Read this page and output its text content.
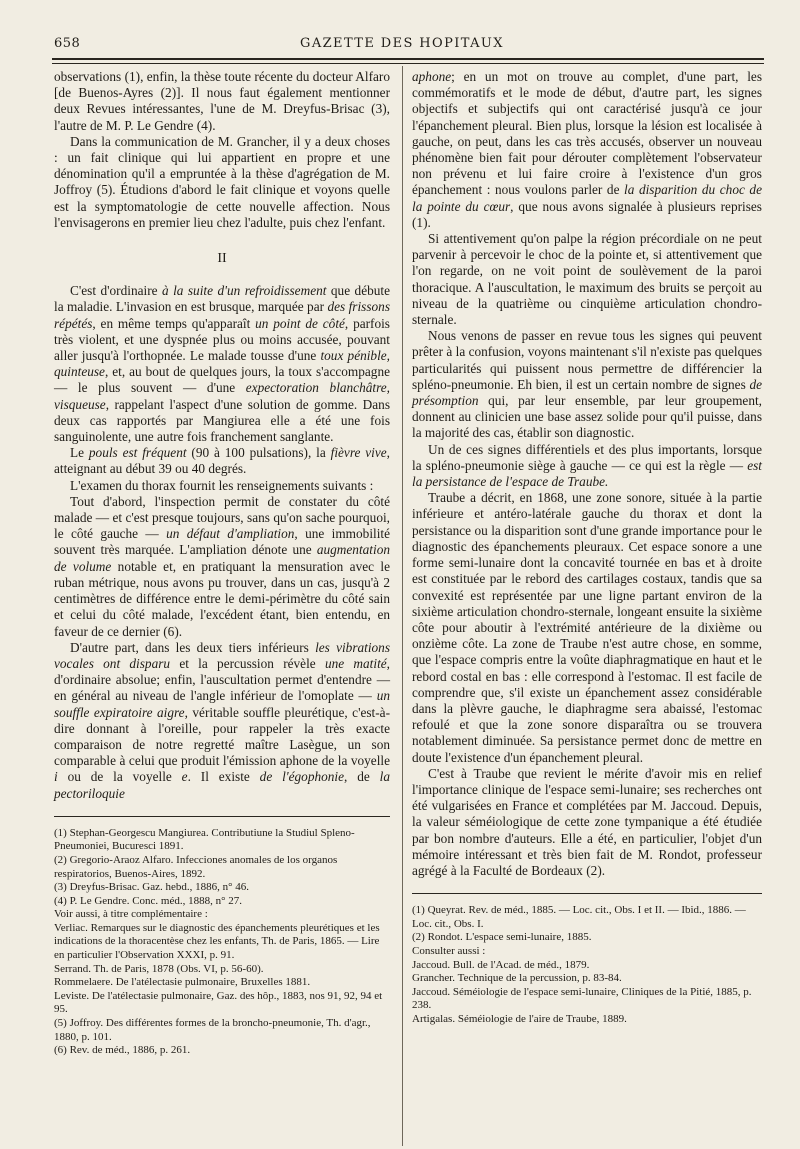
658	GAZETTE DES HOPITAUX

observations (1), enfin, la thèse toute récente du docteur Alfaro [de Buenos-Ayres (2)]. Il nous faut également mentionner deux Revues intéressantes, l'une de M. Dreyfus-Brisac (3), l'autre de M. P. Le Gendre (4).

Dans la communication de M. Grancher, il y a deux choses : un fait clinique qui lui appartient en propre et une dénomination qu'il a empruntée à la thèse d'agrégation de M. Joffroy (5). Étudions d'abord le fait clinique et voyons quelle est la symptomatologie de cette nouvelle affection. Nous l'envisagerons en premier lieu chez l'adulte, puis chez l'enfant.

II

C'est d'ordinaire à la suite d'un refroidissement que débute la maladie. L'invasion en est brusque, marquée par des frissons répétés, en même temps qu'apparaît un point de côté, parfois très violent, et une dyspnée plus ou moins accusée, pouvant aller jusqu'à l'orthopnée. Le malade tousse d'une toux pénible, quinteuse, et, au bout de quelques jours, la toux s'accompagne — le plus souvent — d'une expectoration blanchâtre, visqueuse, rappelant l'aspect d'une solution de gomme. Dans deux cas rapportés par Mangiurea elle a été une fois sanguinolente, une autre fois franchement sanglante.

Le pouls est fréquent (90 à 100 pulsations), la fièvre vive, atteignant au début 39 ou 40 degrés.

L'examen du thorax fournit les renseignements suivants :

Tout d'abord, l'inspection permit de constater du côté malade — et c'est presque toujours, sans qu'on sache pourquoi, le côté gauche — un défaut d'ampliation, une immobilité souvent très marquée. L'ampliation dénote une augmentation de volume notable et, en pratiquant la mensuration avec le ruban métrique, nous avons pu trouver, dans un cas, jusqu'à 2 centimètres de différence entre le demi-périmètre du côté sain et celui du côté malade, l'excédent étant, bien entendu, en faveur de ce dernier (6).

D'autre part, dans les deux tiers inférieurs les vibrations vocales ont disparu et la percussion révèle une matité, d'ordinaire absolue; enfin, l'auscultation permet d'entendre — en général au niveau de l'angle inférieur de l'omoplate — un souffle expiratoire aigre, véritable souffle pleurétique, c'est-à-dire donnant à l'oreille, pour rappeler la très exacte comparaison de notre regretté maître Lasègue, un son comparable à celui que produit l'émission aphone de la voyelle i ou de la voyelle e. Il existe de l'égophonie, de la pectoriloquie

(1) Stephan-Georgescu Mangiurea. Contributiune la Studiul Spleno-Pneumoniei, Bucuresci 1891.
(2) Gregorio-Araoz Alfaro. Infecciones anomales de los organos respiratorios, Buenos-Aires, 1892.
(3) Dreyfus-Brisac. Gaz. hebd., 1886, n° 46.
(4) P. Le Gendre. Conc. méd., 1888, n° 27.
Voir aussi, à titre complémentaire :
Verliac. Remarques sur le diagnostic des épanchements pleurétiques et les indications de la thoracentèse chez les enfants, Th. de Paris, 1865. — Lire en particulier l'Observation XXXI, p. 91.
Serrand. Th. de Paris, 1878 (Obs. VI, p. 56-60).
Rommelaere. De l'atélectasie pulmonaire, Bruxelles 1881.
Leviste. De l'atélectasie pulmonaire, Gaz. des hôp., 1883, nos 91, 92, 94 et 95.
(5) Joffroy. Des différentes formes de la broncho-pneumonie, Th. d'agr., 1880, p. 101.
(6) Rev. de méd., 1886, p. 261.

aphone; en un mot on trouve au complet, d'une part, les commémoratifs et le mode de début, d'autre part, les signes objectifs et subjectifs qui ont caractérisé jusqu'à ce jour l'épanchement pleural. Bien plus, lorsque la lésion est localisée à gauche, on peut, dans les cas très accusés, observer un nouveau phénomène bien fait pour dérouter complètement l'observateur non prévenu et lui faire croire à l'existence d'un gros épanchement : nous voulons parler de la disparition du choc de la pointe du cœur, que nous avons signalée à plusieurs reprises (1).

Si attentivement qu'on palpe la région précordiale on ne peut parvenir à percevoir le choc de la pointe et, si attentivement que l'on regarde, on ne voit point de soulèvement de la paroi thoracique. A l'auscultation, le maximum des bruits se perçoit au niveau de la quatrième ou cinquième articulation chondro-sternale.

Nous venons de passer en revue tous les signes qui peuvent prêter à la confusion, voyons maintenant s'il n'existe pas quelques particularités qui puissent nous permettre de différencier la spléno-pneumonie. Eh bien, il est un certain nombre de signes de présomption qui, par leur ensemble, par leur groupement, donnent au clinicien une base assez solide pour qu'il puisse, dans la majorité des cas, établir son diagnostic.

Un de ces signes différentiels et des plus importants, lorsque la spléno-pneumonie siège à gauche — ce qui est la règle — est la persistance de l'espace de Traube.

Traube a décrit, en 1868, une zone sonore, située à la partie inférieure et antéro-latérale gauche du thorax et dont la persistance ou la disparition sont d'une grande importance pour le diagnostic des épanchements pleuraux. Cet espace sonore a une forme semi-lunaire dont la concavité tournée en bas et à droite est constituée par le rebord des cartilages costaux, tandis que sa convexité est représentée par une ligne partant environ de la sixième articulation chondro-sternale, longeant ensuite la sixième côte pour aboutir à l'extrémité antérieure de la dixième ou onzième côte. La zone de Traube n'est autre chose, en somme, que l'espace compris entre la voûte diaphragmatique en haut et le rebord costal en bas : elle correspond à l'estomac. Il est facile de comprendre que, s'il existe un épanchement assez considérable dans la plèvre gauche, le diaphragme sera abaissé, l'estomac refoulé et que la zone sonore disparaîtra ou se trouvera notablement diminuée. Sa persistance permet donc de mettre en doute l'existence d'un épanchement pleural.

C'est à Traube que revient le mérite d'avoir mis en relief l'importance clinique de l'espace semi-lunaire; ses recherches ont été vulgarisées en France et complétées par M. Jaccoud. Depuis, la valeur séméiologique de cette zone tympanique a été étudiée par bon nombre d'auteurs. Elle a été, en particulier, l'objet d'un mémoire intéressant et très bien fait de M. Rondot, professeur agrégé à la Faculté de Bordeaux (2).

(1) Queyrat. Rev. de méd., 1885. — Loc. cit., Obs. I et II. — Ibid., 1886. — Loc. cit., Obs. I.
(2) Rondot. L'espace semi-lunaire, 1885.
Consulter aussi :
Jaccoud. Bull. de l'Acad. de méd., 1879.
Grancher. Technique de la percussion, p. 83-84.
Jaccoud. Séméiologie de l'espace semi-lunaire, Cliniques de la Pitié, 1885, p. 238.
Artigalas. Séméiologie de l'aire de Traube, 1889.
